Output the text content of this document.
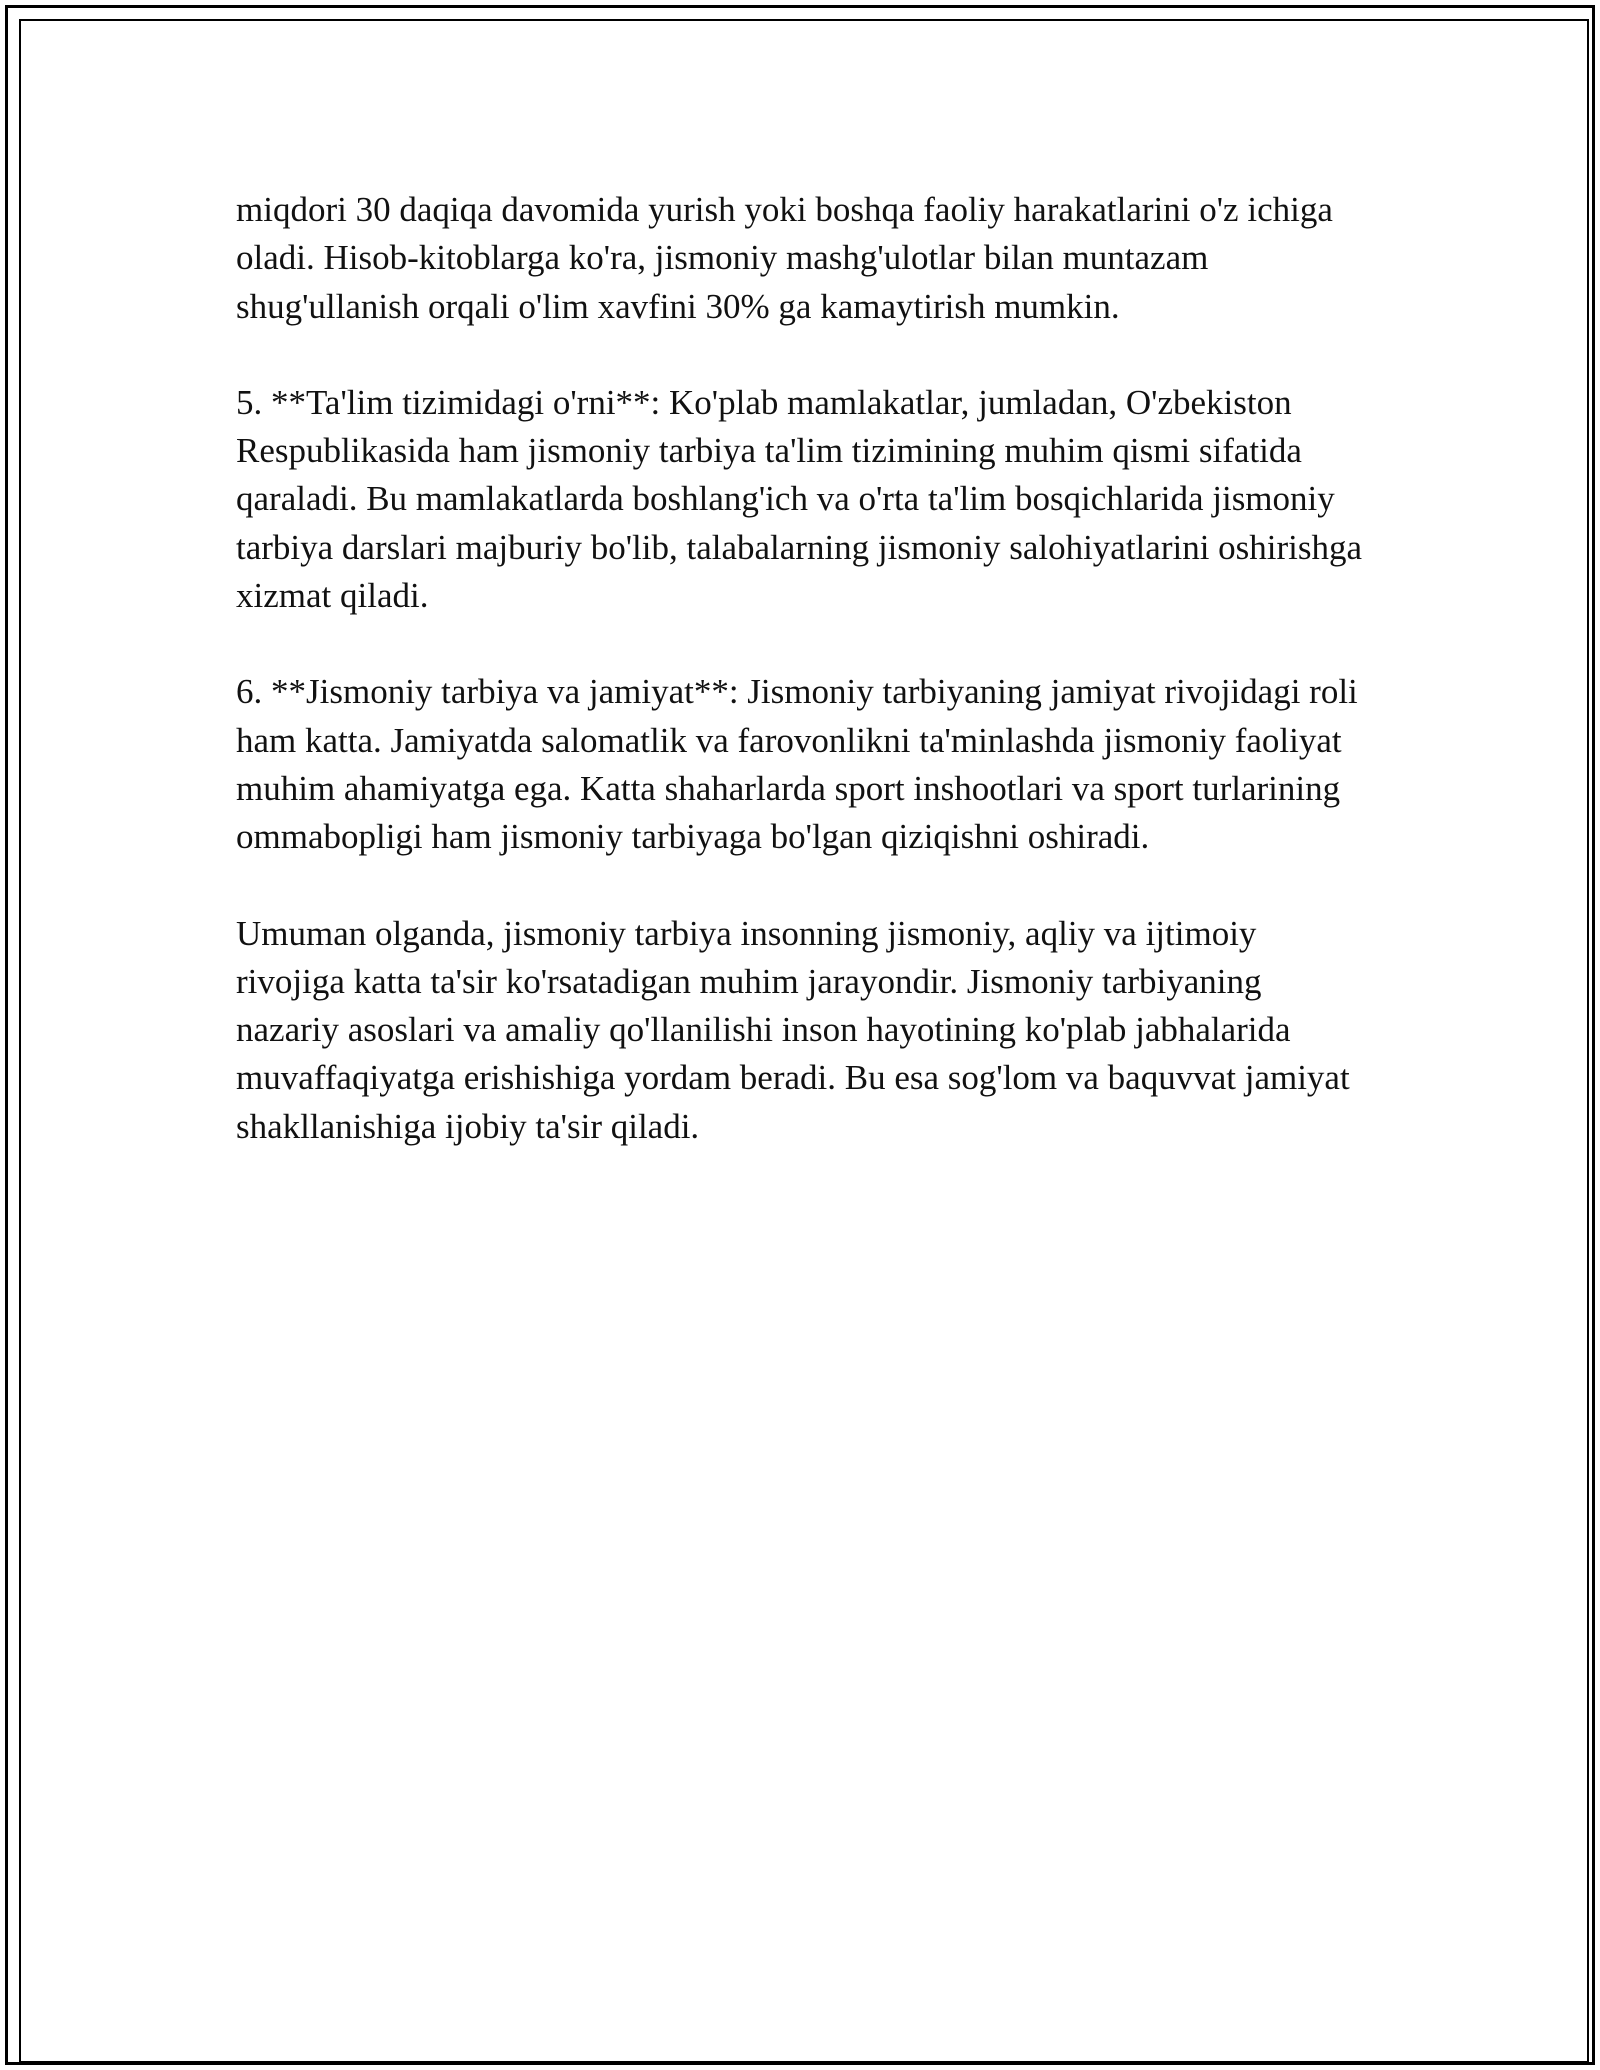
miqdori 30 daqiqa davomida yurish yoki boshqa faoliy harakatlarini o'z ichiga oladi. Hisob-kitoblarga ko'ra, jismoniy mashg'ulotlar bilan muntazam shug'ullanish orqali o'lim xavfini 30% ga kamaytirish mumkin.

5. **Ta'lim tizimidagi o'rni**: Ko'plab mamlakatlar, jumladan, O'zbekiston Respublikasida ham jismoniy tarbiya ta'lim tizimining muhim qismi sifatida qaraladi. Bu mamlakatlarda boshlang'ich va o'rta ta'lim bosqichlarida jismoniy tarbiya darslari majburiy bo'lib, talabalarning jismoniy salohiyatlarini oshirishga xizmat qiladi.

6. **Jismoniy tarbiya va jamiyat**: Jismoniy tarbiyaning jamiyat rivojidagi roli ham katta. Jamiyatda salomatlik va farovonlikni ta'minlashda jismoniy faoliyat muhim ahamiyatga ega. Katta shaharlarda sport inshootlari va sport turlarining ommabopligi ham jismoniy tarbiyaga bo'lgan qiziqishni oshiradi.

Umuman olganda, jismoniy tarbiya insonning jismoniy, aqliy va ijtimoiy rivojiga katta ta'sir ko'rsatadigan muhim jarayondir. Jismoniy tarbiyaning nazariy asoslari va amaliy qo'llanilishi inson hayotining ko'plab jabhalarida muvaffaqiyatga erishishiga yordam beradi. Bu esa sog'lom va baquvvat jamiyat shakllanishiga ijobiy ta'sir qiladi.
